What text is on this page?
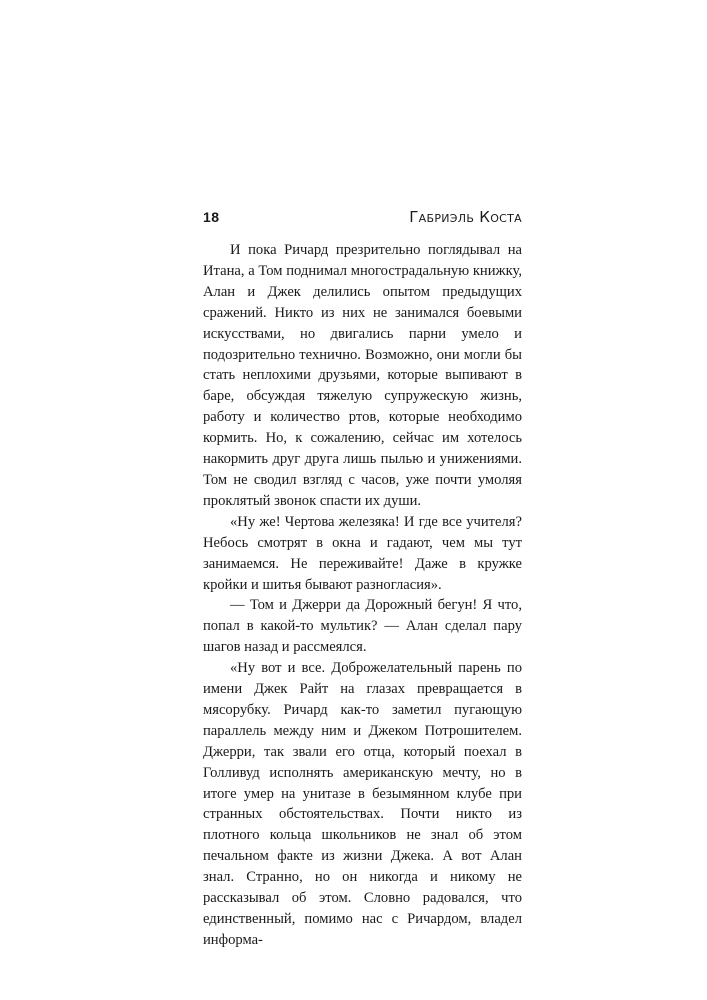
18	Габриэль Коста

И пока Ричард презрительно поглядывал на Итана, а Том поднимал многострадальную книжку, Алан и Джек делились опытом предыдущих сражений. Никто из них не занимался боевыми искусствами, но двигались парни умело и подозрительно технично. Возможно, они могли бы стать неплохими друзьями, которые выпивают в баре, обсуждая тяжелую супружескую жизнь, работу и количество ртов, которые необходимо кормить. Но, к сожалению, сейчас им хотелось накормить друг друга лишь пылью и унижениями. Том не сводил взгляд с часов, уже почти умоляя проклятый звонок спасти их души.

«Ну же! Чертова железяка! И где все учителя? Небось смотрят в окна и гадают, чем мы тут занимаемся. Не переживайте! Даже в кружке кройки и шитья бывают разногласия».

— Том и Джерри да Дорожный бегун! Я что, попал в какой-то мультик? — Алан сделал пару шагов назад и рассмеялся.

«Ну вот и все. Доброжелательный парень по имени Джек Райт на глазах превращается в мясорубку. Ричард как-то заметил пугающую параллель между ним и Джеком Потрошителем. Джерри, так звали его отца, который поехал в Голливуд исполнять американскую мечту, но в итоге умер на унитазе в безымянном клубе при странных обстоятельствах. Почти никто из плотного кольца школьников не знал об этом печальном факте из жизни Джека. А вот Алан знал. Странно, но он никогда и никому не рассказывал об этом. Словно радовался, что единственный, помимо нас с Ричардом, владел информа-
